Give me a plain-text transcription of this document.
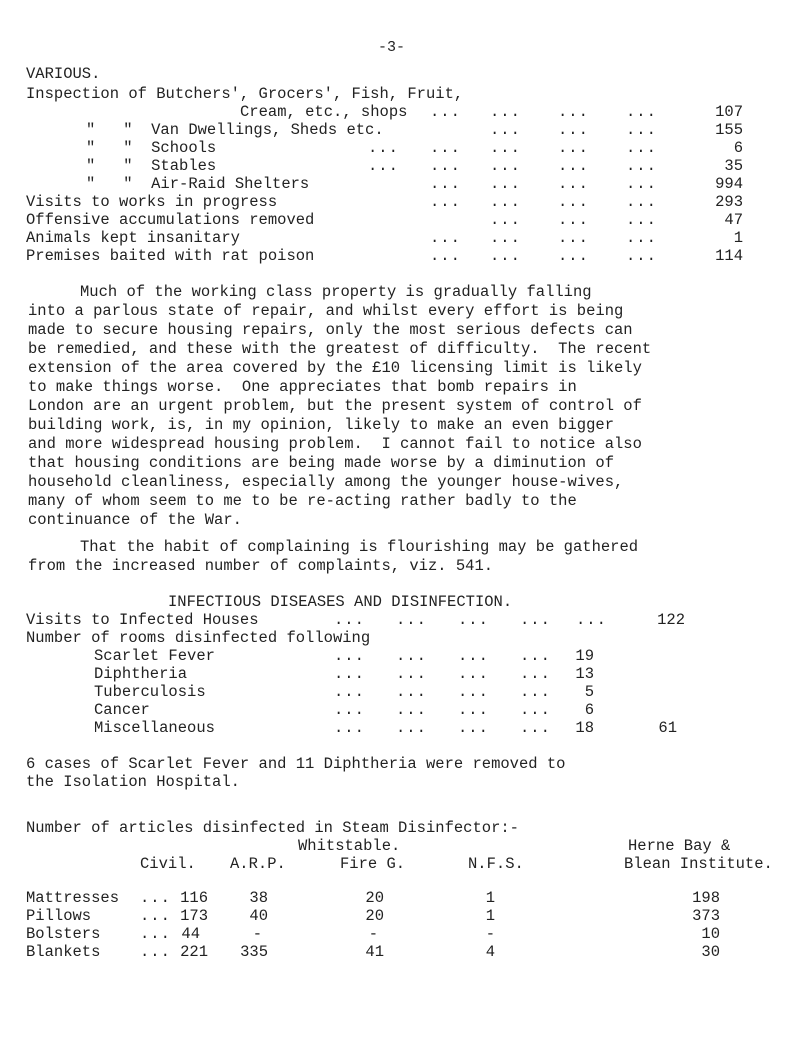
-3-
VARIOUS.
Inspection of Butchers', Grocers', Fish, Fruit,
Cream, etc., shops ... ... ... ...	107
"   "  Van Dwellings, Sheds etc.	... ... ...	155
"   "  Schools	... ... ... ... ...	6
"   "  Stables	... ... ... ... ...	35
"   "  Air-Raid Shelters	... ... ... ...	994
Visits to works in progress	... ... ... ...	293
Offensive accumulations removed	... ... ...	47
Animals kept insanitary	... ... ... ...	1
Premises baited with rat poison	... ... ... ...	114
Much of the working class property is gradually falling
into a parlous state of repair, and whilst every effort is being
made to secure housing repairs, only the most serious defects can
be remedied, and these with the greatest of difficulty.  The recent
extension of the area covered by the £10 licensing limit is likely
to make things worse.  One appreciates that bomb repairs in
London are an urgent problem, but the present system of control of
building work, is, in my opinion, likely to make an even bigger
and more widespread housing problem.  I cannot fail to notice also
that housing conditions are being made worse by a diminution of
household cleanliness, especially among the younger house-wives,
many of whom seem to me to be re-acting rather badly to the
continuance of the War.
That the habit of complaining is flourishing may be gathered
from the increased number of complaints, viz. 541.
INFECTIOUS DISEASES AND DISINFECTION.
Visits to Infected Houses	... ... ... ... ...	122
Number of rooms disinfected following
Scarlet Fever	... ... ... ... 19
Diphtheria	... ... ... ... 13
Tuberculosis	... ... ... ... 5
Cancer	... ... ... ... 6
Miscellaneous	... ... ... ... 18	61
6 cases of Scarlet Fever and 11 Diphtheria were removed to
the Isolation Hospital.
Number of articles disinfected in Steam Disinfector:-
Whitstable.	Herne Bay &
Civil. A.R.P.	Fire G.	N.F.S.	Blean Institute.
Mattresses ... 116	38	20	1	198
Pillows	... 173	40	20	1	373
Bolsters	... 44	-	-	-	10
Blankets	... 221 335	41	4	30
